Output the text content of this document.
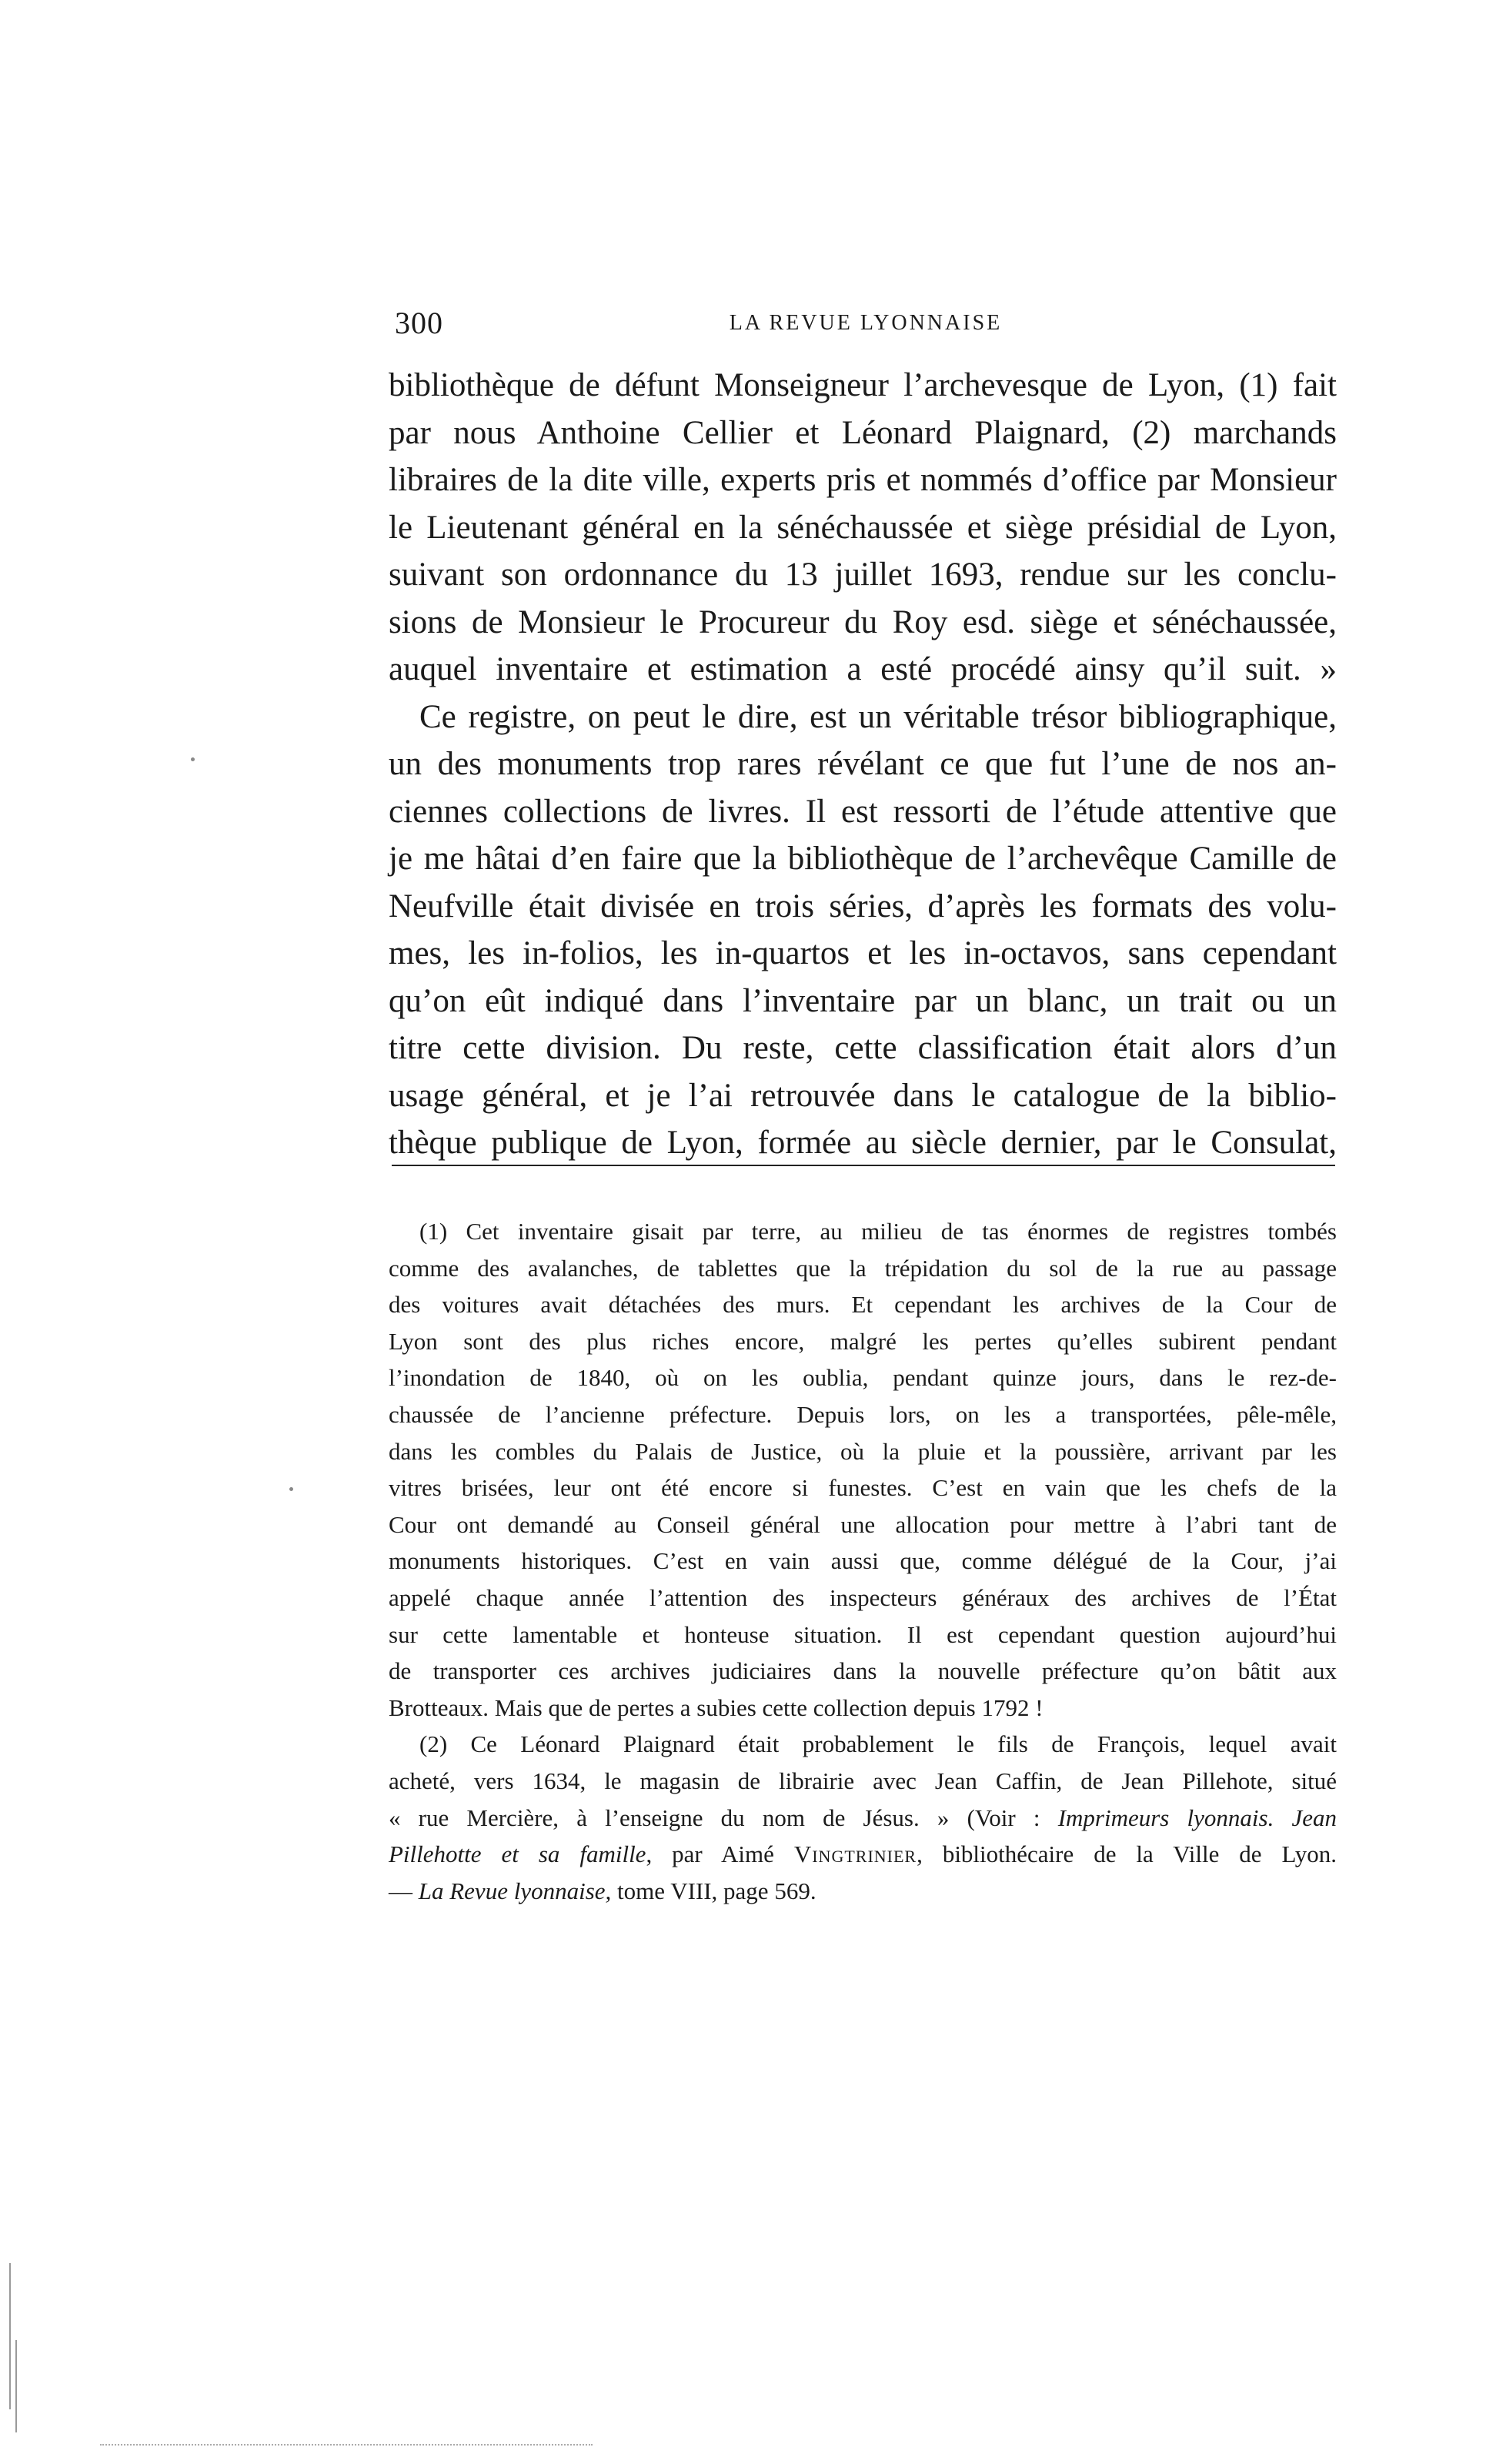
300	LA REVUE LYONNAISE
bibliothèque de défunt Monseigneur l’archevesque de Lyon, (1) fait
par nous Anthoine Cellier et Léonard Plaignard, (2) marchands
libraires de la dite ville, experts pris et nommés d’office par Monsieur
le Lieutenant général en la sénéchaussée et siège présidial de Lyon,
suivant son ordonnance du 13 juillet 1693, rendue sur les conclu-
sions de Monsieur le Procureur du Roy esd. siège et sénéchaussée,
auquel inventaire et estimation a esté procédé ainsy qu’il suit. »
Ce registre, on peut le dire, est un véritable trésor bibliographique,
un des monuments trop rares révélant ce que fut l’une de nos an-
ciennes collections de livres. Il est ressorti de l’étude attentive que
je me hâtai d’en faire que la bibliothèque de l’archevêque Camille de
Neufville était divisée en trois séries, d’après les formats des volu-
mes, les in-folios, les in-quartos et les in-octavos, sans cependant
qu’on eût indiqué dans l’inventaire par un blanc, un trait ou un
titre cette division. Du reste, cette classification était alors d’un
usage général, et je l’ai retrouvée dans le catalogue de la biblio-
thèque publique de Lyon, formée au siècle dernier, par le Consulat,
(1) Cet inventaire gisait par terre, au milieu de tas énormes de registres tombés
comme des avalanches, de tablettes que la trépidation du sol de la rue au passage
des voitures avait détachées des murs. Et cependant les archives de la Cour de
Lyon sont des plus riches encore, malgré les pertes qu’elles subirent pendant
l’inondation de 1840, où on les oublia, pendant quinze jours, dans le rez-de-
chaussée de l’ancienne préfecture. Depuis lors, on les a transportées, pêle-mêle,
dans les combles du Palais de Justice, où la pluie et la poussière, arrivant par les
vitres brisées, leur ont été encore si funestes. C’est en vain que les chefs de la
Cour ont demandé au Conseil général une allocation pour mettre à l’abri tant de
monuments historiques. C’est en vain aussi que, comme délégué de la Cour, j’ai
appelé chaque année l’attention des inspecteurs généraux des archives de l’État
sur cette lamentable et honteuse situation. Il est cependant question aujourd’hui
de transporter ces archives judiciaires dans la nouvelle préfecture qu’on bâtit aux
Brotteaux. Mais que de pertes a subies cette collection depuis 1792 !
(2) Ce Léonard Plaignard était probablement le fils de François, lequel avait
acheté, vers 1634, le magasin de librairie avec Jean Caffin, de Jean Pillehote, situé
« rue Mercière, à l’enseigne du nom de Jésus. » (Voir : Imprimeurs lyonnais. Jean
Pillehotte et sa famille, par Aimé Vingtrinier, bibliothécaire de la Ville de Lyon.
— La Revue lyonnaise, tome VIII, page 569.
